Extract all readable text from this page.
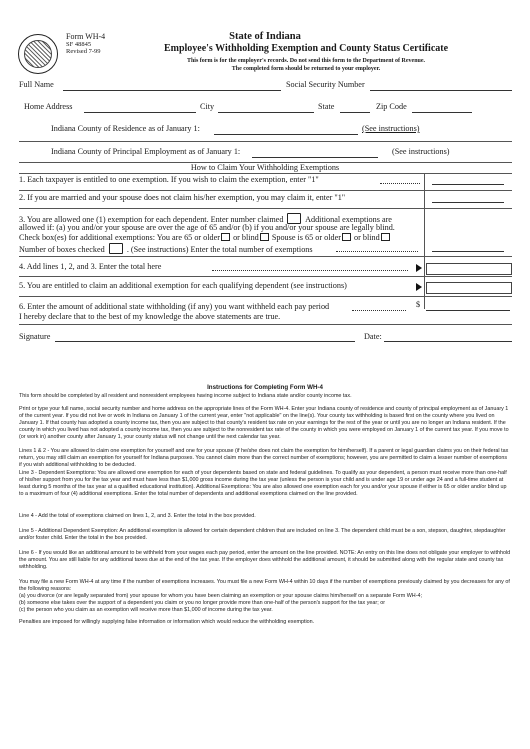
Form WH-4
SF 48845
Revised 7-99
State of Indiana
Employee's Withholding Exemption and County Status Certificate
This form is for the employer's records. Do not send this form to the Department of Revenue.
The completed form should be returned to your employer.
Full Name	Social Security Number
Home Address	City	State	Zip Code
Indiana County of Residence as of January 1:	(See instructions)
Indiana County of Principal Employment as of January 1:	(See instructions)
How to Claim Your Withholding Exemptions
1. Each taxpayer is entitled to one exemption. If you wish to claim the exemption, enter "1"
2. If you are married and your spouse does not claim his/her exemption, you may claim it, enter "1"
3. You are allowed one (1) exemption for each dependent. Enter number claimed	Additional exemptions are
allowed if: (a) you and/or your spouse are over the age of 65 and/or (b) if you and/or your spouse are legally blind.
Check box(es) for additional exemptions: You are 65 or older or blind Spouse is 65 or older or blind
Number of boxes checked	. (See instructions) Enter the total number of exemptions
4. Add lines 1, 2, and 3. Enter the total here
5. You are entitled to claim an additional exemption for each qualifying dependent (see instructions)
6. Enter the amount of additional state withholding (if any) you want withheld each pay period	$
I hereby declare that to the best of my knowledge the above statements are true.
Signature	Date:
Instructions for Completing Form WH-4
This form should be completed by all resident and nonresident employees having income subject to Indiana state and/or county income tax.
Print or type your full name, social security number and home address on the appropriate lines of the Form WH-4. Enter your Indiana county of residence and county of principal employment as of January 1 of the current year. If you did not live or work in Indiana on January 1 of the current year, enter "not applicable" on the line(s). Your county tax withholding is based first on the county where you lived on January 1. If that county has adopted a county income tax, then you are subject to that county's resident tax rate on your earnings for the rest of the year or until you are no longer an Indiana resident. If the county in which you lived has not adopted a county income tax, then you are subject to the nonresident tax rate of the county in which you were employed on January 1 of the current tax year. If you move to (or work in) another county after January 1, your county status will not change until the next calendar tax year.
Lines 1 & 2 - You are allowed to claim one exemption for yourself and one for your spouse (if he/she does not claim the exemption for him/herself). If a parent or legal guardian claims you on their federal tax return, you may still claim an exemption for yourself for Indiana purposes. You cannot claim more than the correct number of exemptions; however, you are permitted to claim a lesser number of exemptions if you wish additional withholding to be deducted.
Line 3 - Dependent Exemptions: You are allowed one exemption for each of your dependents based on state and federal guidelines. To qualify as your dependent, a person must receive more than one-half of his/her support from you for the tax year and must have less than $1,000 gross income during the tax year (unless the person is your child and is under age 19 or under age 24 and a full-time student at least during 5 months of the tax year at a qualified educational institution). Additional Exemptions: You are also allowed one exemption each for you and/or your spouse if either is 65 or older and/or blind up to a maximum of four (4) additional exemptions. Enter the total number of dependents and additional exemptions claimed on the line provided.
Line 4 - Add the total of exemptions claimed on lines 1, 2, and 3. Enter the total in the box provided.
Line 5 - Additional Dependent Exemption: An additional exemption is allowed for certain dependent children that are included on line 3. The dependent child must be a son, stepson, daughter, stepdaughter and/or foster child. Enter the total in the box provided.
Line 6 - If you would like an additional amount to be withheld from your wages each pay period, enter the amount on the line provided. NOTE: An entry on this line does not obligate your employer to withhold the amount. You are still liable for any additional taxes due at the end of the tax year. If the employer does withhold the additional amount, it should be submitted along with the regular state and county tax withholding.
You may file a new Form WH-4 at any time if the number of exemptions increases. You must file a new Form WH-4 within 10 days if the number of exemptions previously claimed by you decreases for any of the following reasons:
(a) you divorce (or are legally separated from) your spouse for whom you have been claiming an exemption or your spouse claims him/herself on a separate Form WH-4;
(b) someone else takes over the support of a dependent you claim or you no longer provide more than one-half of the person's support for the tax year; or
(c) the person who you claim as an exemption will receive more than $1,000 of income during the tax year.
Penalties are imposed for willingly supplying false information or information which would reduce the withholding exemption.
